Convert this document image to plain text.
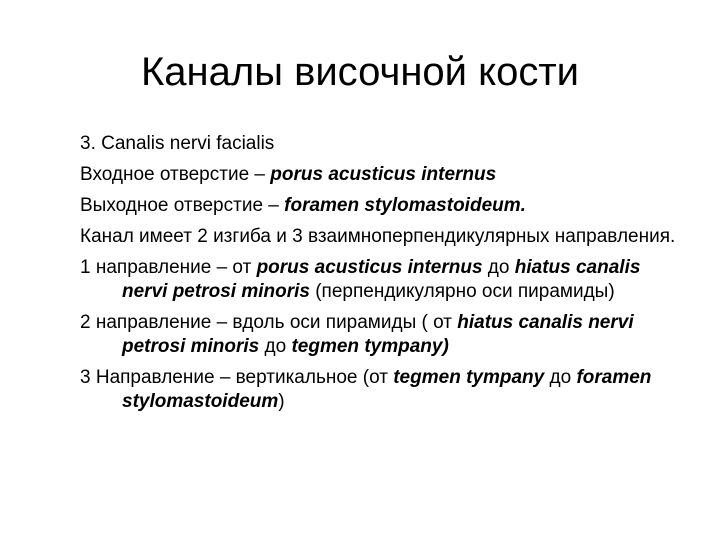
Каналы височной кости

3. Canalis nervi facialis

Входное отверстие – porus acusticus internus

Выходное отверстие – foramen stylomastoideum.

Канал имеет 2 изгиба и 3 взаимноперпендикулярных направления.

1 направление – от porus acusticus internus до hiatus canalis nervi petrosi minoris (перпендикулярно оси пирамиды)

2 направление – вдоль оси пирамиды ( от hiatus canalis nervi petrosi minoris до tegmen tympany)

3 Направление – вертикальное (от tegmen tympany до foramen stylomastoideum)
